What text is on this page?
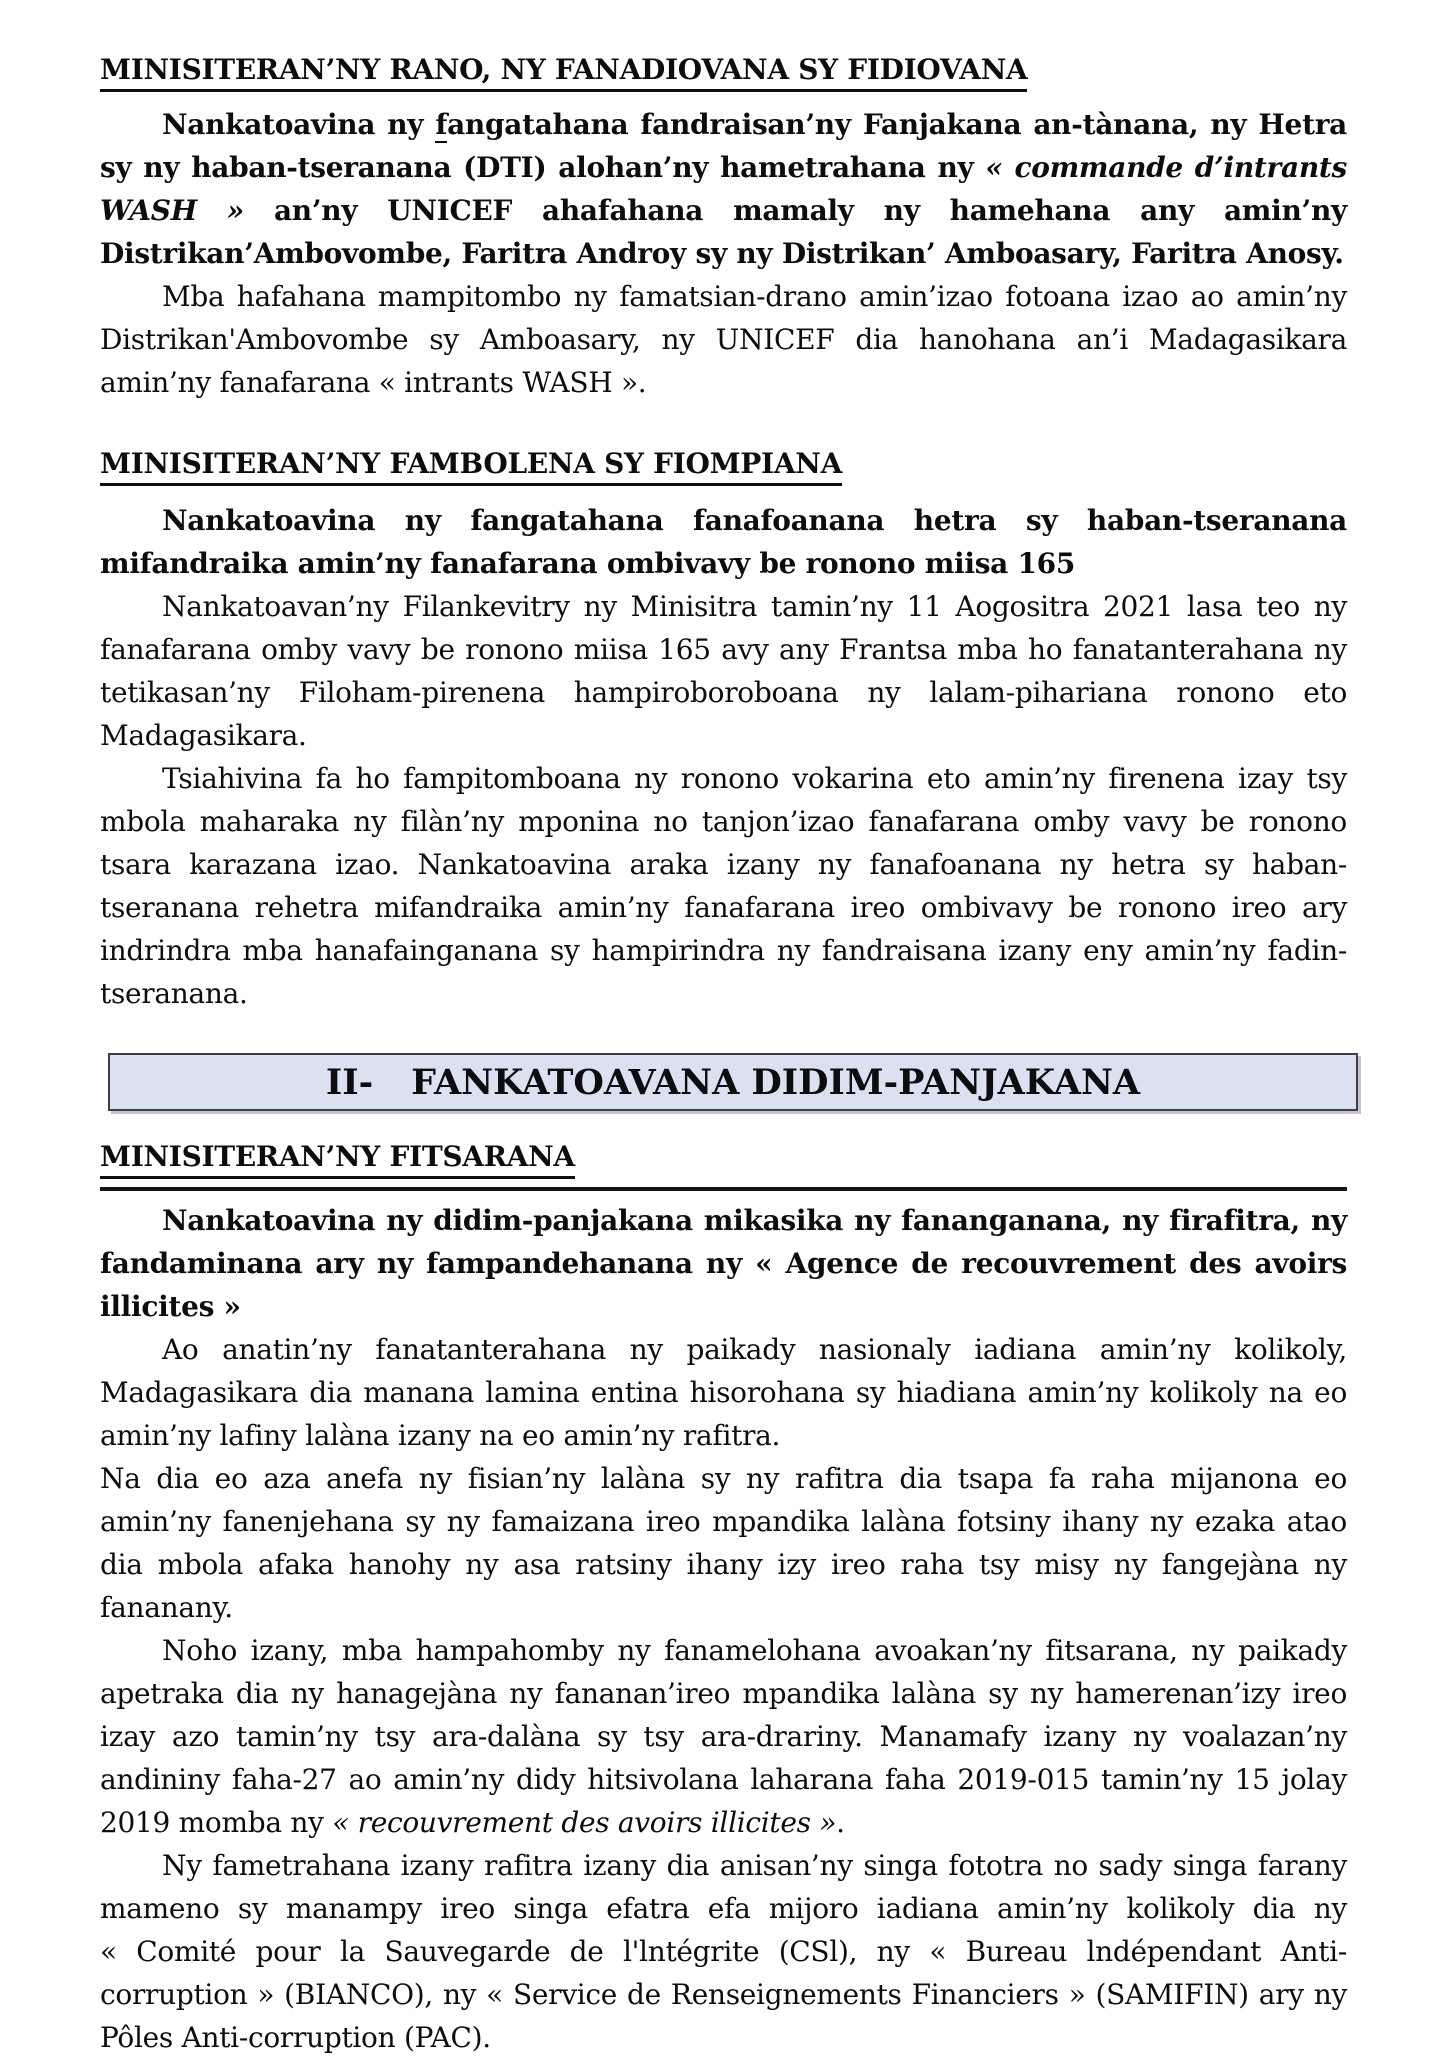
MINISITERAN’NY RANO, NY FANADIOVANA SY FIDIOVANA
Nankatoavina ny fangatahana fandraisan’ny Fanjakana an-tànana, ny Hetra sy ny haban-tseranana (DTI) alohan’ny hametrahana ny « commande d’intrants WASH » an’ny UNICEF ahafahana mamaly ny hamehana any amin’ny Distrikan’Ambovombe, Faritra Androy sy ny Distrikan’ Amboasary, Faritra Anosy.
Mba hafahana mampitombo ny famatsian-drano amin’izao fotoana izao ao amin’ny Distrikan'Ambovombe sy Amboasary, ny UNICEF dia hanohana an’i Madagasikara amin’ny fanafarana « intrants WASH ».
MINISITERAN’NY FAMBOLENA SY FIOMPIANA
Nankatoavina ny fangatahana fanafoanana hetra sy haban-tseranana mifandraika amin’ny fanafarana ombivavy be ronono miisa 165
Nankatoavan’ny Filankevitry ny Minisitra tamin’ny 11 Aogositra 2021 lasa teo ny fanafarana omby vavy be ronono miisa 165 avy any Frantsa mba ho fanatanterahana ny tetikasan’ny Filoham-pirenena hampiroboroboana ny lalam-pihariana ronono eto Madagasikara.
Tsiahivina fa ho fampitomboana ny ronono vokarina eto amin’ny firenena izay tsy mbola maharaka ny filàn’ny mponina no tanjon’izao fanafarana omby vavy be ronono tsara karazana izao. Nankatoavina araka izany ny fanafoanana ny hetra sy haban-tseranana rehetra mifandraika amin’ny fanafarana ireo ombivavy be ronono ireo ary indrindra mba hanafainganana sy hampirindra ny fandraisana izany eny amin’ny fadin-tseranana.
II- FANKATOAVANA DIDIM-PANJAKANA
MINISITERAN’NY FITSARANA
Nankatoavina ny didim-panjakana mikasika ny fananganana, ny firafitra, ny fandaminana ary ny fampandehanana ny « Agence de recouvrement des avoirs illicites »
Ao anatin’ny fanatanterahana ny paikady nasionaly iadiana amin’ny kolikoly, Madagasikara dia manana lamina entina hisorohana sy hiadiana amin’ny kolikoly na eo amin’ny lafiny lalàna izany na eo amin’ny rafitra.
Na dia eo aza anefa ny fisian’ny lalàna sy ny rafitra dia tsapa fa raha mijanona eo amin’ny fanenjehana sy ny famaizana ireo mpandika lalàna fotsiny ihany ny ezaka atao dia mbola afaka hanohy ny asa ratsiny ihany izy ireo raha tsy misy ny fangejàna ny fananany.
Noho izany, mba hampahomby ny fanamelohana avoakan’ny fitsarana, ny paikady apetraka dia ny hanagejàna ny fananan’ireo mpandika lalàna sy ny hamerenan’izy ireo izay azo tamin’ny tsy ara-dalàna sy tsy ara-drariny. Manamafy izany ny voalazan’ny andininy faha-27 ao amin’ny didy hitsivolana laharana faha 2019-015 tamin’ny 15 jolay 2019 momba ny « recouvrement des avoirs illicites ».
Ny fametrahana izany rafitra izany dia anisan’ny singa fototra no sady singa farany mameno sy manampy ireo singa efatra efa mijoro iadiana amin’ny kolikoly dia ny « Comité pour la Sauvegarde de l'lntégrite (CSl), ny « Bureau lndépendant Anti-corruption » (BIANCO), ny « Service de Renseignements Financiers » (SAMIFIN) ary ny Pôles Anti-corruption (PAC).
